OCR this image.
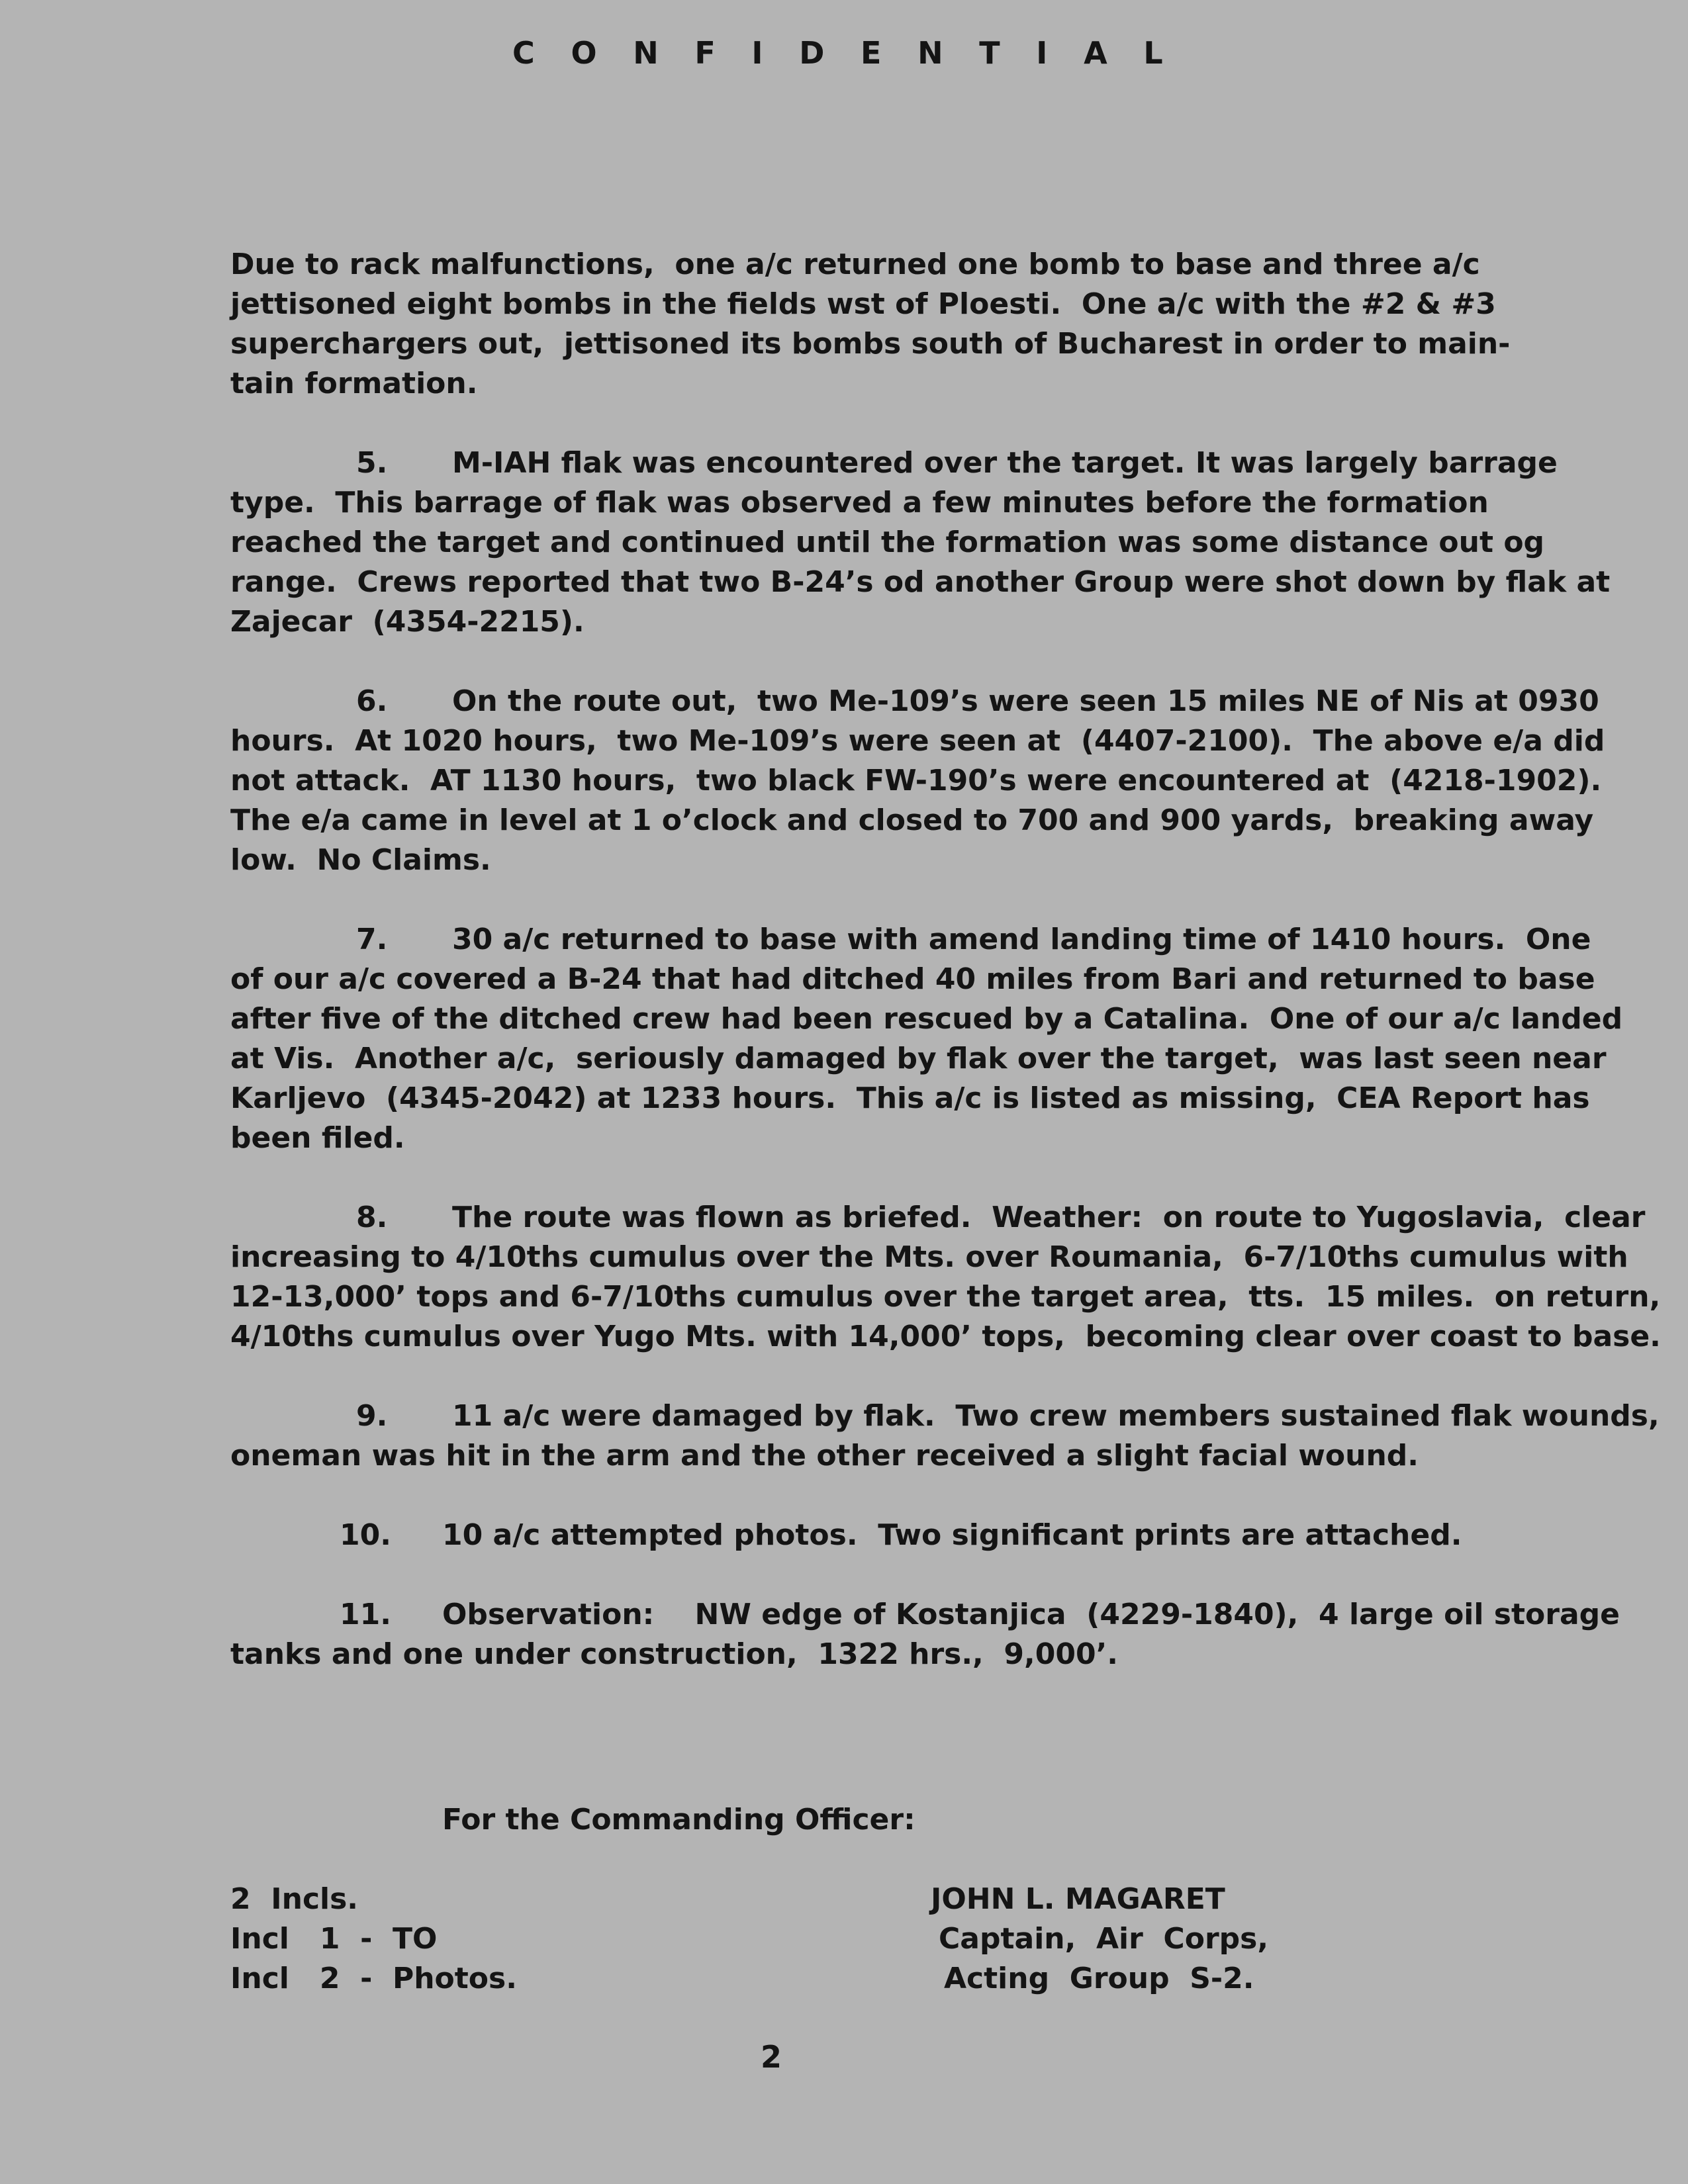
C O N F I D E N T I A L
Due to rack malfunctions,  one a/c returned one bomb to base and three a/c
jettisoned eight bombs in the fields wst of Ploesti.  One a/c with the #2 & #3
superchargers out,  jettisoned its bombs south of Bucharest in order to main-
tain formation.
5. M-IAH flak was encountered over the target. It was largely barrage
type.  This barrage of flak was observed a few minutes before the formation
reached the target and continued until the formation was some distance out og
range.  Crews reported that two B-24’s od another Group were shot down by flak at
Zajecar  (4354-2215).
6. On the route out,  two Me-109’s were seen 15 miles NE of Nis at 0930
hours.  At 1020 hours,  two Me-109’s were seen at  (4407-2100).  The above e/a did
not attack.  AT 1130 hours,  two black FW-190’s were encountered at  (4218-1902).
The e/a came in level at 1 o’clock and closed to 700 and 900 yards,  breaking away
low.  No Claims.
7. 30 a/c returned to base with amend landing time of 1410 hours.  One
of our a/c covered a B-24 that had ditched 40 miles from Bari and returned to base
after five of the ditched crew had been rescued by a Catalina.  One of our a/c landed
at Vis.  Another a/c,  seriously damaged by flak over the target,  was last seen near
Karljevo  (4345-2042) at 1233 hours.  This a/c is listed as missing,  CEA Report has
been filed.
8. The route was flown as briefed.  Weather:  on route to Yugoslavia,  clear
increasing to 4/10ths cumulus over the Mts. over Roumania,  6-7/10ths cumulus with
12-13,000’ tops and 6-7/10ths cumulus over the target area,  tts.  15 miles.  on return,
4/10ths cumulus over Yugo Mts. with 14,000’ tops,  becoming clear over coast to base.
9. 11 a/c were damaged by flak.  Two crew members sustained flak wounds,
oneman was hit in the arm and the other received a slight facial wound.
10. 10 a/c attempted photos.  Two significant prints are attached.
11. Observation:    NW edge of Kostanjica  (4229-1840),  4 large oil storage
tanks and one under construction,  1322 hrs.,  9,000’.
For the Commanding Officer:
2  Incls.
Incl   1  -  TO
Incl   2  -  Photos.
JOHN L. MAGARET
Captain,  Air  Corps,
Acting  Group  S-2.
2
